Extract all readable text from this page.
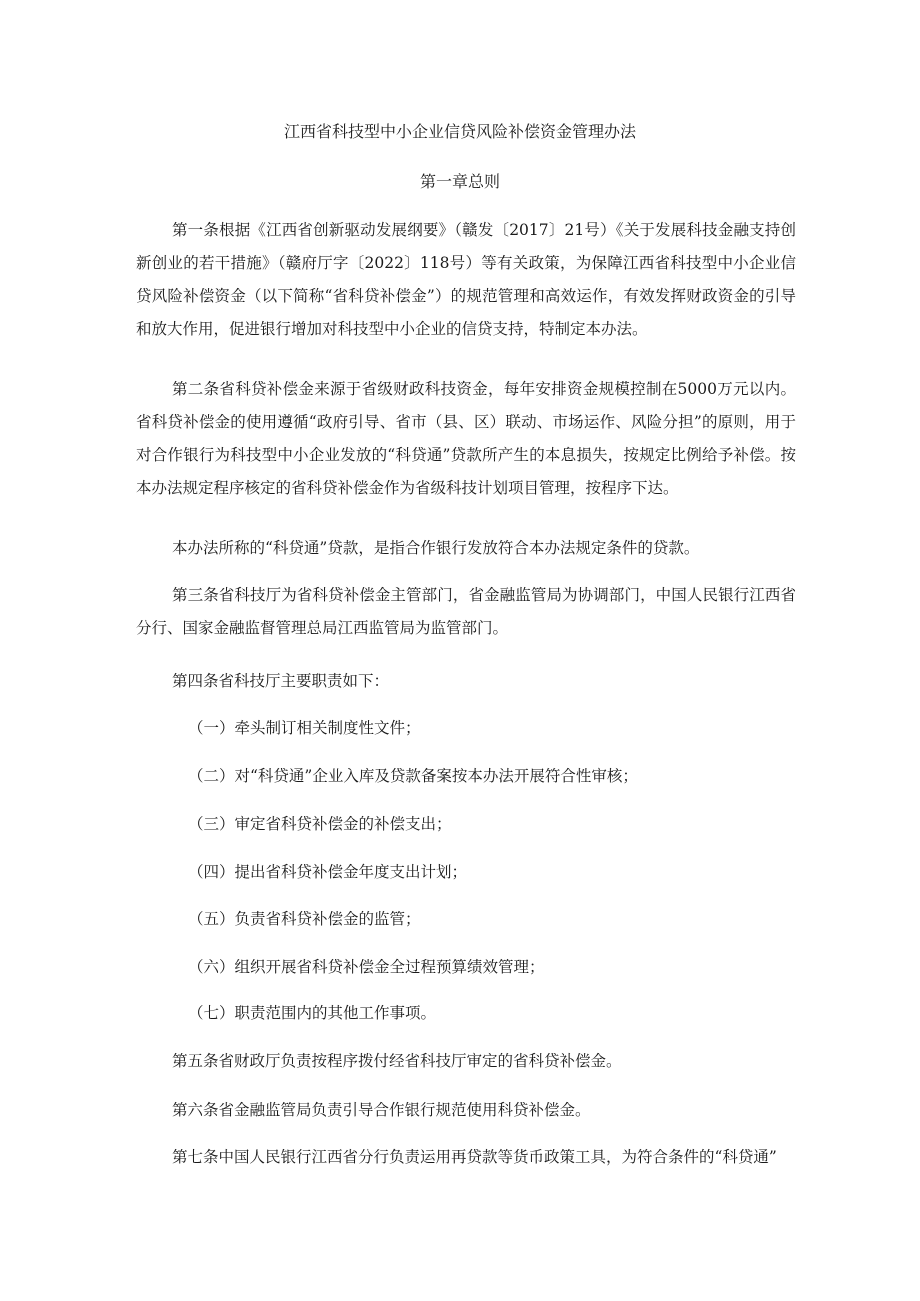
江西省科技型中小企业信贷风险补偿资金管理办法
第一章总则

第一条根据《江西省创新驱动发展纲要》（赣发〔2017〕21号）《关于发展科技金融支持创新创业的若干措施》（赣府厅字〔2022〕118号）等有关政策，为保障江西省科技型中小企业信贷风险补偿资金（以下简称“省科贷补偿金”）的规范管理和高效运作，有效发挥财政资金的引导和放大作用，促进银行增加对科技型中小企业的信贷支持，特制定本办法。

第二条省科贷补偿金来源于省级财政科技资金，每年安排资金规模控制在5000万元以内。省科贷补偿金的使用遵循“政府引导、省市（县、区）联动、市场运作、风险分担”的原则，用于对合作银行为科技型中小企业发放的“科贷通”贷款所产生的本息损失，按规定比例给予补偿。按本办法规定程序核定的省科贷补偿金作为省级科技计划项目管理，按程序下达。

本办法所称的“科贷通”贷款，是指合作银行发放符合本办法规定条件的贷款。

第三条省科技厅为省科贷补偿金主管部门，省金融监管局为协调部门，中国人民银行江西省分行、国家金融监督管理总局江西监管局为监管部门。

第四条省科技厅主要职责如下：

（一）牵头制订相关制度性文件；

（二）对“科贷通”企业入库及贷款备案按本办法开展符合性审核；

（三）审定省科贷补偿金的补偿支出；

（四）提出省科贷补偿金年度支出计划；

（五）负责省科贷补偿金的监管；

（六）组织开展省科贷补偿金全过程预算绩效管理；

（七）职责范围内的其他工作事项。

第五条省财政厅负责按程序拨付经省科技厅审定的省科贷补偿金。

第六条省金融监管局负责引导合作银行规范使用科贷补偿金。

第七条中国人民银行江西省分行负责运用再贷款等货币政策工具，为符合条件的“科贷通”
